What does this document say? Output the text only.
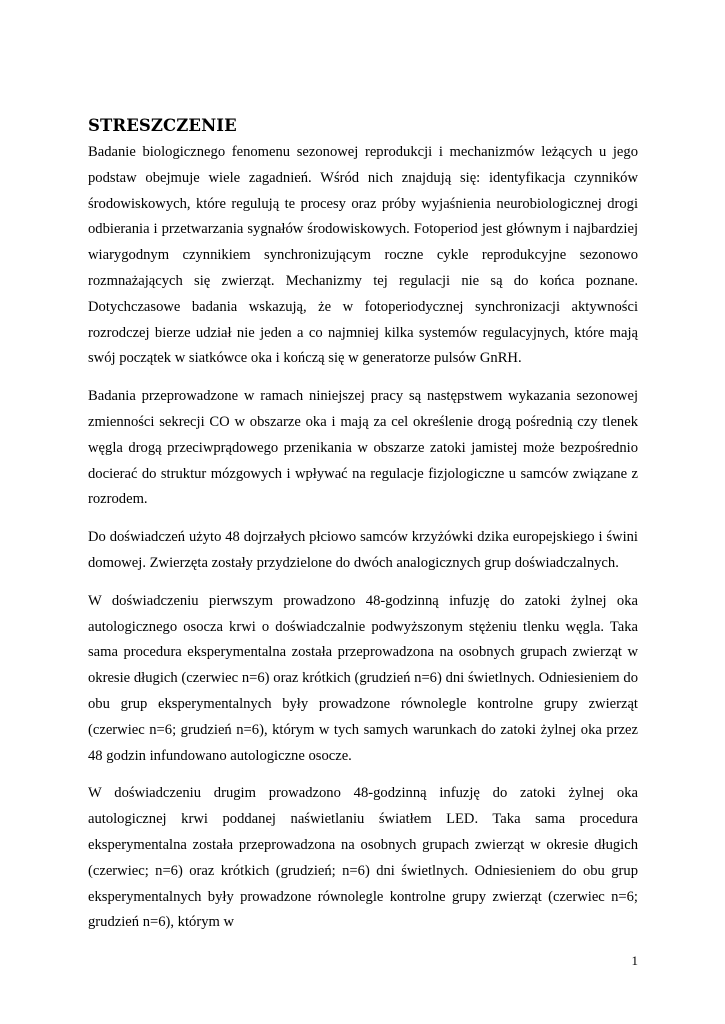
STRESZCZENIE

Badanie biologicznego fenomenu sezonowej reprodukcji i mechanizmów leżących u jego podstaw obejmuje wiele zagadnień. Wśród nich znajdują się: identyfikacja czynników środowiskowych, które regulują te procesy oraz próby wyjaśnienia neurobiologicznej drogi odbierania i przetwarzania sygnałów środowiskowych. Fotoperiod jest głównym i najbardziej wiarygodnym czynnikiem synchronizującym roczne cykle reprodukcyjne sezonowo rozmnażających się zwierząt. Mechanizmy tej regulacji nie są do końca poznane. Dotychczasowe badania wskazują, że w fotoperiodycznej synchronizacji aktywności rozrodczej bierze udział nie jeden a co najmniej kilka systemów regulacyjnych, które mają swój początek w siatkówce oka i kończą się w generatorze pulsów GnRH.

Badania przeprowadzone w ramach niniejszej pracy są następstwem wykazania sezonowej zmienności sekrecji CO w obszarze oka i mają za cel określenie drogą pośrednią czy tlenek węgla drogą przeciwprądowego przenikania w obszarze zatoki jamistej może bezpośrednio docierać do struktur mózgowych i wpływać na regulacje fizjologiczne u samców związane z rozrodem.

Do doświadczeń użyto 48 dojrzałych płciowo samców krzyżówki dzika europejskiego i świni domowej. Zwierzęta zostały przydzielone do dwóch analogicznych grup doświadczalnych.

W doświadczeniu pierwszym prowadzono 48-godzinną infuzję do zatoki żylnej oka autologicznego osocza krwi o doświadczalnie podwyższonym stężeniu tlenku węgla. Taka sama procedura eksperymentalna została przeprowadzona na osobnych grupach zwierząt w okresie długich (czerwiec n=6) oraz krótkich (grudzień n=6) dni świetlnych. Odniesieniem do obu grup eksperymentalnych były prowadzone równolegle kontrolne grupy zwierząt (czerwiec n=6; grudzień n=6), którym w tych samych warunkach do zatoki żylnej oka przez 48 godzin infundowano autologiczne osocze.

W doświadczeniu drugim prowadzono 48-godzinną infuzję do zatoki żylnej oka autologicznej krwi poddanej naświetlaniu światłem LED. Taka sama procedura eksperymentalna została przeprowadzona na osobnych grupach zwierząt w okresie długich (czerwiec; n=6) oraz krótkich (grudzień; n=6) dni świetlnych. Odniesieniem do obu grup eksperymentalnych były prowadzone równolegle kontrolne grupy zwierząt (czerwiec n=6; grudzień n=6), którym w

1
